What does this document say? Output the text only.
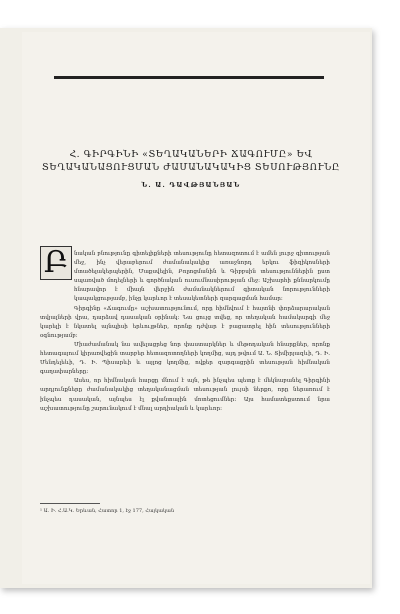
Հ. ԳԻՐԳԻՆԻ «ՏԵՂԱԿԱՆԵՐԻ ՃԱԳՈՒՄԸ» ԵՎ ՏԵՂԱԿԱՆԱՑՈՒՑՄԱՆ ԺԱՄԱՆԱԿԱԿԻՑ ՏԵՍՈՒԹՅՈՒՆԸ
Ն. Ա. ԴԱՎԹՅԱՆՅԱՆ

նական բնությունը գիտելիքների տեսությունը հետազոտում է ամեն լուրջ գիտության մեջ, ինչ վերաբերում ժամանակակից առաջնորդ երկու ֆիզիկոսների մտածելակերպերին, Մաքսվելին, Բոլտցմանին և Գիբբսին տեսություններին ըստ սպառված մոդելների և գործնական ուսումնասիրության մեջ: Աշխարհի քննարկումը հնարավոր է միայն վերջին ժամանակներում գիտական նորությունների կապակցությամբ, ինչը կարևոր է տեսակետների զարգացման համար:

Գիրգինը «Ճագումը» աշխատությունում, որը հիմնվում է հայտնի փորձարարական տվյալների վրա, դարձավ դասական օրինակ: Նա ցույց տվեց, որ տեղական համակարգի մեջ կարելի է նկատել այնպիսի երևույթներ, որոնք դժվար է բացատրել հին տեսությունների օգնությամբ:

Միաժամանակ նա ավելացրեց նոր փաստարկներ և մեթոդական հնարքներ, որոնք հետագայում կիրառվեցին տարբեր հետազոտողների կողմից, այդ թվում Ա. Ն. Տիմիրյազևի, Դ. Ի. Մենդելեևի, Դ. Ի. Պիսարևի և այլոց կողմից, ովքեր զարգացրին տեսության հիմնական գաղափարները:

Ասես, որ հիմնական հարցը մնում է այն, թե ինչպես պետք է մեկնաբանել Գիրգինի արդյունքները ժամանակակից տեղականացման տեսության լույսի ներքո, որը ներառում է ինչպես դասական, այնպես էլ քվանտային մոտեցումներ: Այս համատեքստում նրա աշխատությունը շարունակում է մնալ արդիական և կարևոր:

Բ
¹ Ա. Ի. Հ.Ա.Կ. Երևան, Հատոր 1, էջ 177, Հայկական
